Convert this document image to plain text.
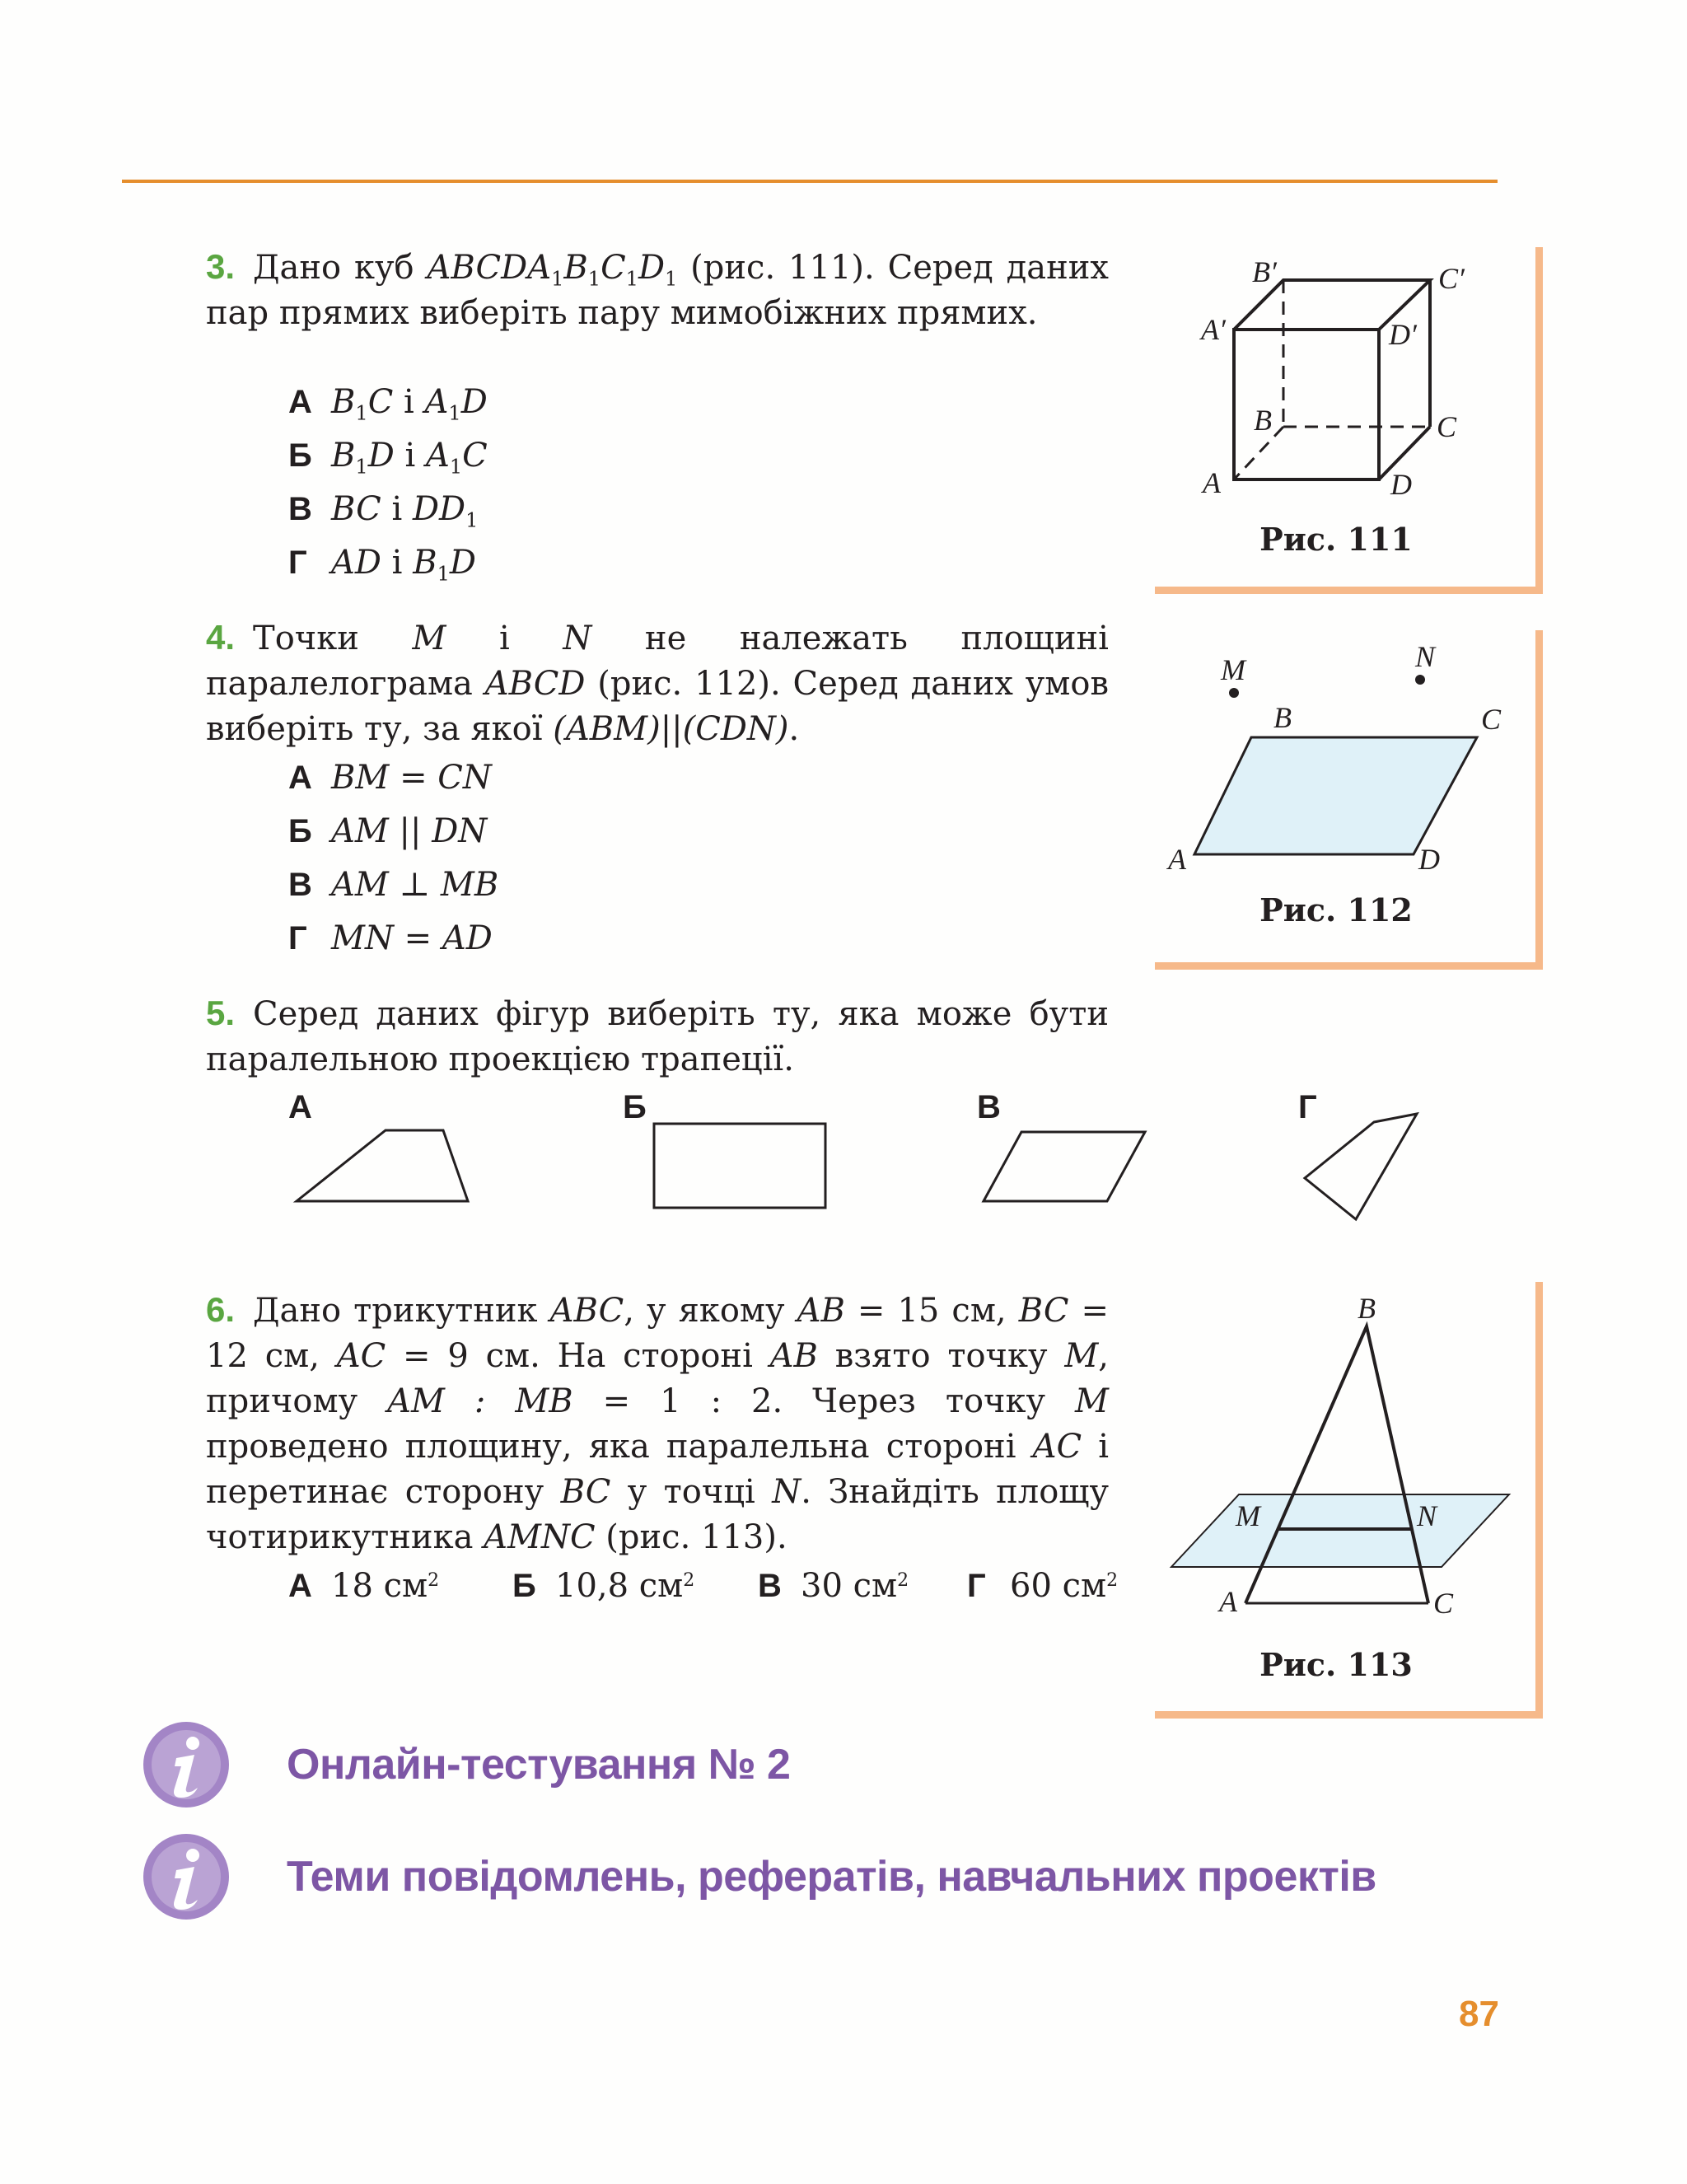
3. Дано куб $ABCDA_1B_1C_1D_1$ (рис. 111). Серед даних пар прямих виберіть пару мимобіжних прямих.
А $B_1C$ і $A_1D$
Б $B_1D$ і $A_1C$
В BC і $DD_1$
Г AD і $B_1D$
B′	C′
A′	D′
B	C
A	D
Рис. 111
4. Точки M і N не належать площині паралелограма ABCD (рис. 112). Серед даних умов виберіть ту, за якої (ABM)||(CDN).
А BM = CN
Б AM || DN
В AM ⊥ MB
Г MN = AD
M	N
B	C
A	D
Рис. 112
5. Серед даних фігур виберіть ту, яка може бути паралельною проекцією трапеції.
А	Б	В	Г
6. Дано трикутник ABC, у якому AB = 15 см, BC = 12 см, AC = 9 см. На стороні AB взято точку M, причому AM : MB = 1 : 2. Через точку M проведено площину, яка паралельна стороні AC і перетинає сторону BC у точці N. Знайдіть площу чотирикутника AMNC (рис. 113).
А 18 $см^2$ Б 10,8 $см^2$ В 30 $см^2$ Г 60 $см^2$
B
M	N
A	C
Рис. 113
Онлайн-тестування № 2
Теми повідомлень, рефератів, навчальних проектів
87
